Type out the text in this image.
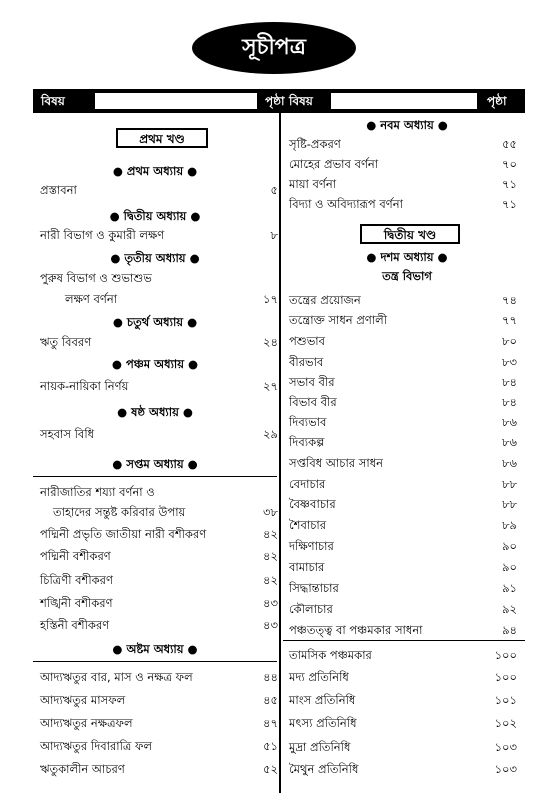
সূচীপত্র
বিষয়	পৃষ্ঠা বিষয়	পৃষ্ঠা
প্রথম খণ্ড
● প্রথম অধ্যায় ●
প্রস্তাবনা	৫
● দ্বিতীয় অধ্যায় ●
নারী বিভাগ ও কুমারী লক্ষণ	৮
● তৃতীয় অধ্যায় ●
পুরুষ বিভাগ ও শুভাশুভ
লক্ষণ বর্ণনা	১৭
● চতুর্থ অধ্যায় ●
ঋতু বিবরণ	২৪
● পঞ্চম অধ্যায় ●
নায়ক-নায়িকা নির্ণয়	২৭
● ষষ্ঠ অধ্যায় ●
সহবাস বিধি	২৯
● সপ্তম অধ্যায় ●
নারীজাতির শয্যা বর্ণনা ও
তাহাদের সন্তুষ্ট করিবার উপায়	৩৮
পদ্মিনী প্রভৃতি জাতীয়া নারী বশীকরণ	৪২
পদ্মিনী বশীকরণ	৪২
চিত্রিণী বশীকরণ	৪২
শঙ্খিনী বশীকরণ	৪৩
হস্তিনী বশীকরণ	৪৩
● অষ্টম অধ্যায় ●
আদ্যঋতুর বার, মাস ও নক্ষত্র ফল	৪৪
আদ্যঋতুর মাসফল	৪৫
আদ্যঋতুর নক্ষত্রফল	৪৭
আদ্যঋতুর দিবারাত্রি ফল	৫১
ঋতুকালীন আচরণ	৫২
● নবম অধ্যায় ●
সৃষ্টি-প্রকরণ	৫৫
মোহের প্রভাব বর্ণনা	৭০
মায়া বর্ণনা	৭১
বিদ্যা ও অবিদ্যারূপ বর্ণনা	৭১
দ্বিতীয় খণ্ড
● দশম অধ্যায় ●
তন্ত্র বিভাগ
তন্ত্রের প্রয়োজন	৭৪
তন্ত্রোক্ত সাধন প্রণালী	৭৭
পশুভাব	৮০
বীরভাব	৮৩
সভাব বীর	৮৪
বিভাব বীর	৮৪
দিব্যভাব	৮৬
দিব্যকল্প	৮৬
সপ্তবিধ আচার সাধন	৮৬
বেদাচার	৮৮
বৈষ্ণবাচার	৮৮
শৈবাচার	৮৯
দক্ষিণাচার	৯০
বামাচার	৯০
সিদ্ধান্তাচার	৯১
কৌলাচার	৯২
পঞ্চতত্ত্ব বা পঞ্চমকার সাধনা	৯৪
তামসিক পঞ্চমকার	১০০
মদ্য প্রতিনিধি	১০০
মাংস প্রতিনিধি	১০১
মৎস্য প্রতিনিধি	১০২
মুদ্রা প্রতিনিধি	১০৩
মৈথুন প্রতিনিধি	১০৩
